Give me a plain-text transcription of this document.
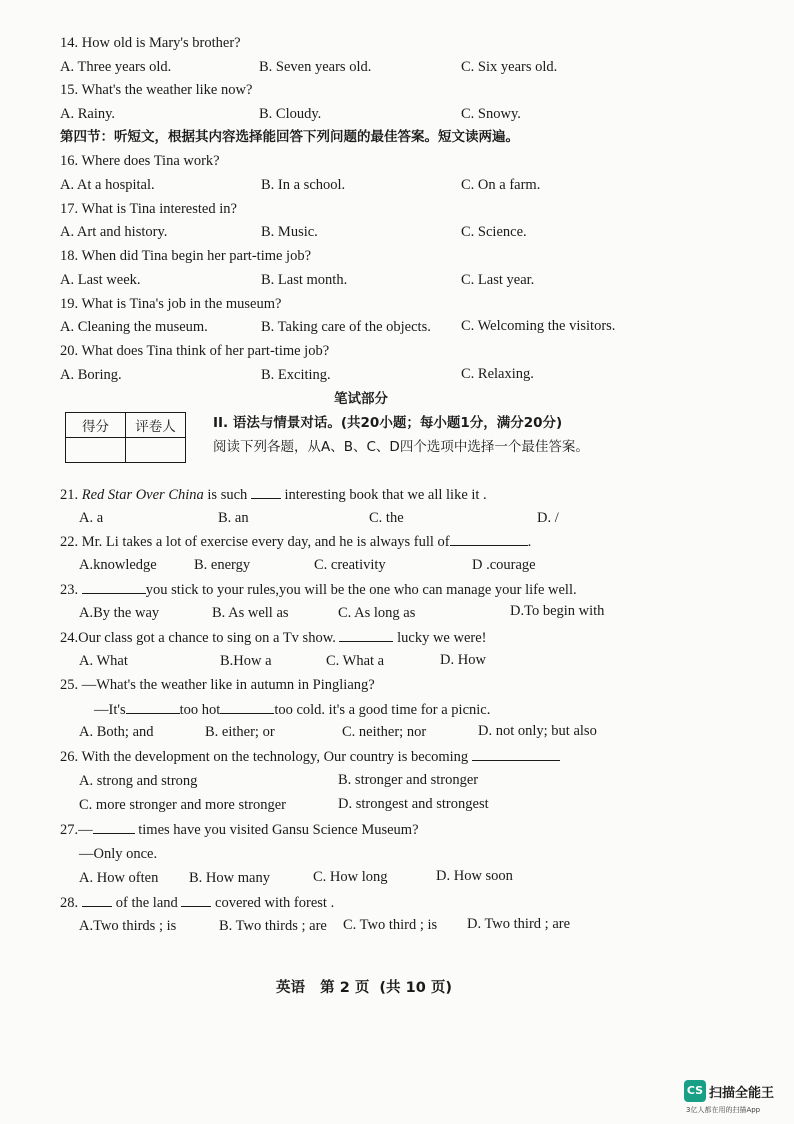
14. How old is Mary's brother?
A. Three years old.	B. Seven years old.	C. Six years old.
15. What's the weather like now?
A. Rainy.	B. Cloudy.	C. Snowy.
第四节：听短文，根据其内容选择能回答下列问题的最佳答案。短文读两遍。
16. Where does Tina work?
A. At a hospital.	B. In a school.	C. On a farm.
17. What is Tina interested in?
A. Art and history.	B. Music.	C. Science.
18. When did Tina begin her part-time job?
A. Last week.	B. Last month.	C. Last year.
19. What is Tina's job in the museum?
A. Cleaning the museum.	B. Taking care of the objects. C. Welcoming the visitors.
20. What does Tina think of her part-time job?
A. Boring.	B. Exciting.	C. Relaxing.
笔试部分
得分	评卷人
		II. 语法与情景对话。(共20小题；每小题1分，满分20分)
阅读下列各题，从A、B、C、D四个选项中选择一个最佳答案。
21. Red Star Over China is such  interesting book that we all like it .
A. a	B. an	C. the	D. /
22. Mr. Li takes a lot of exercise every day, and he is always full of	.
A.knowledge	B. energy	C. creativity	D .courage
23.	you stick to your rules,you will be the one who can manage your life well.
A.By the way	B. As well as	C. As long as	D.To begin with
24.Our class got a chance to sing on a Tv show.	lucky we were!
A. What	B.How a	C. What a	D. How
25. —What's the weather like in autumn in Pingliang?
—It's	too hot	too cold. it's a good time for a picnic.
A. Both; and	B. either; or	C. neither; nor	D. not only; but also
26. With the development on the technology, Our country is becoming
A. strong and strong	B. stronger and stronger
C. more stronger and more stronger	D. strongest and strongest
27.—	times have you visited Gansu Science Museum?
—Only once.
A. How often B. How many	C. How long	D. How soon
28. of the land  covered with forest .
A.Two thirds ; is	B. Two thirds ; are C. Two third ; is D. Two third ; are
英语   第 2 页  (共 10 页)
CS 扫描全能王
3亿人都在用的扫描App
